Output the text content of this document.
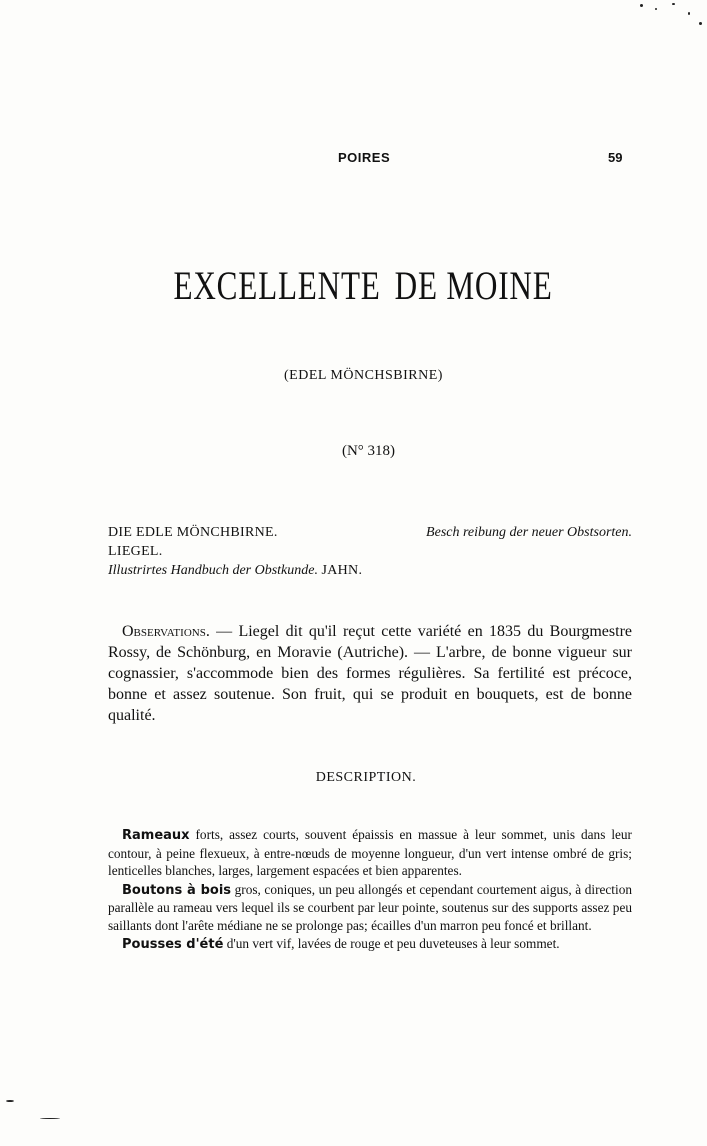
POIRES	59
EXCELLENTE DE MOINE
(EDEL MÖNCHSBIRNE)
(N° 318)
DIE EDLE MÖNCHBIRNE.	Besch reibung der neuer Obstsorten.
LIEGEL.
Illustrirtes Handbuch der Obstkunde. JAHN.
Observations. — Liegel dit qu'il reçut cette variété en 1835 du Bourgmestre Rossy, de Schönburg, en Moravie (Autriche). — L'arbre, de bonne vigueur sur cognassier, s'accommode bien des formes régulières. Sa fertilité est précoce, bonne et assez soutenue. Son fruit, qui se produit en bouquets, est de bonne qualité.
DESCRIPTION.

Rameaux forts, assez courts, souvent épaissis en massue à leur sommet, unis dans leur contour, à peine flexueux, à entre-nœuds de moyenne longueur, d'un vert intense ombré de gris; lenticelles blanches, larges, largement espacées et bien apparentes.

Boutons à bois gros, coniques, un peu allongés et cependant courtement aigus, à direction parallèle au rameau vers lequel ils se courbent par leur pointe, soutenus sur des supports assez peu saillants dont l'arête médiane ne se prolonge pas; écailles d'un marron peu foncé et brillant.

Pousses d'été d'un vert vif, lavées de rouge et peu duveteuses à leur sommet.
